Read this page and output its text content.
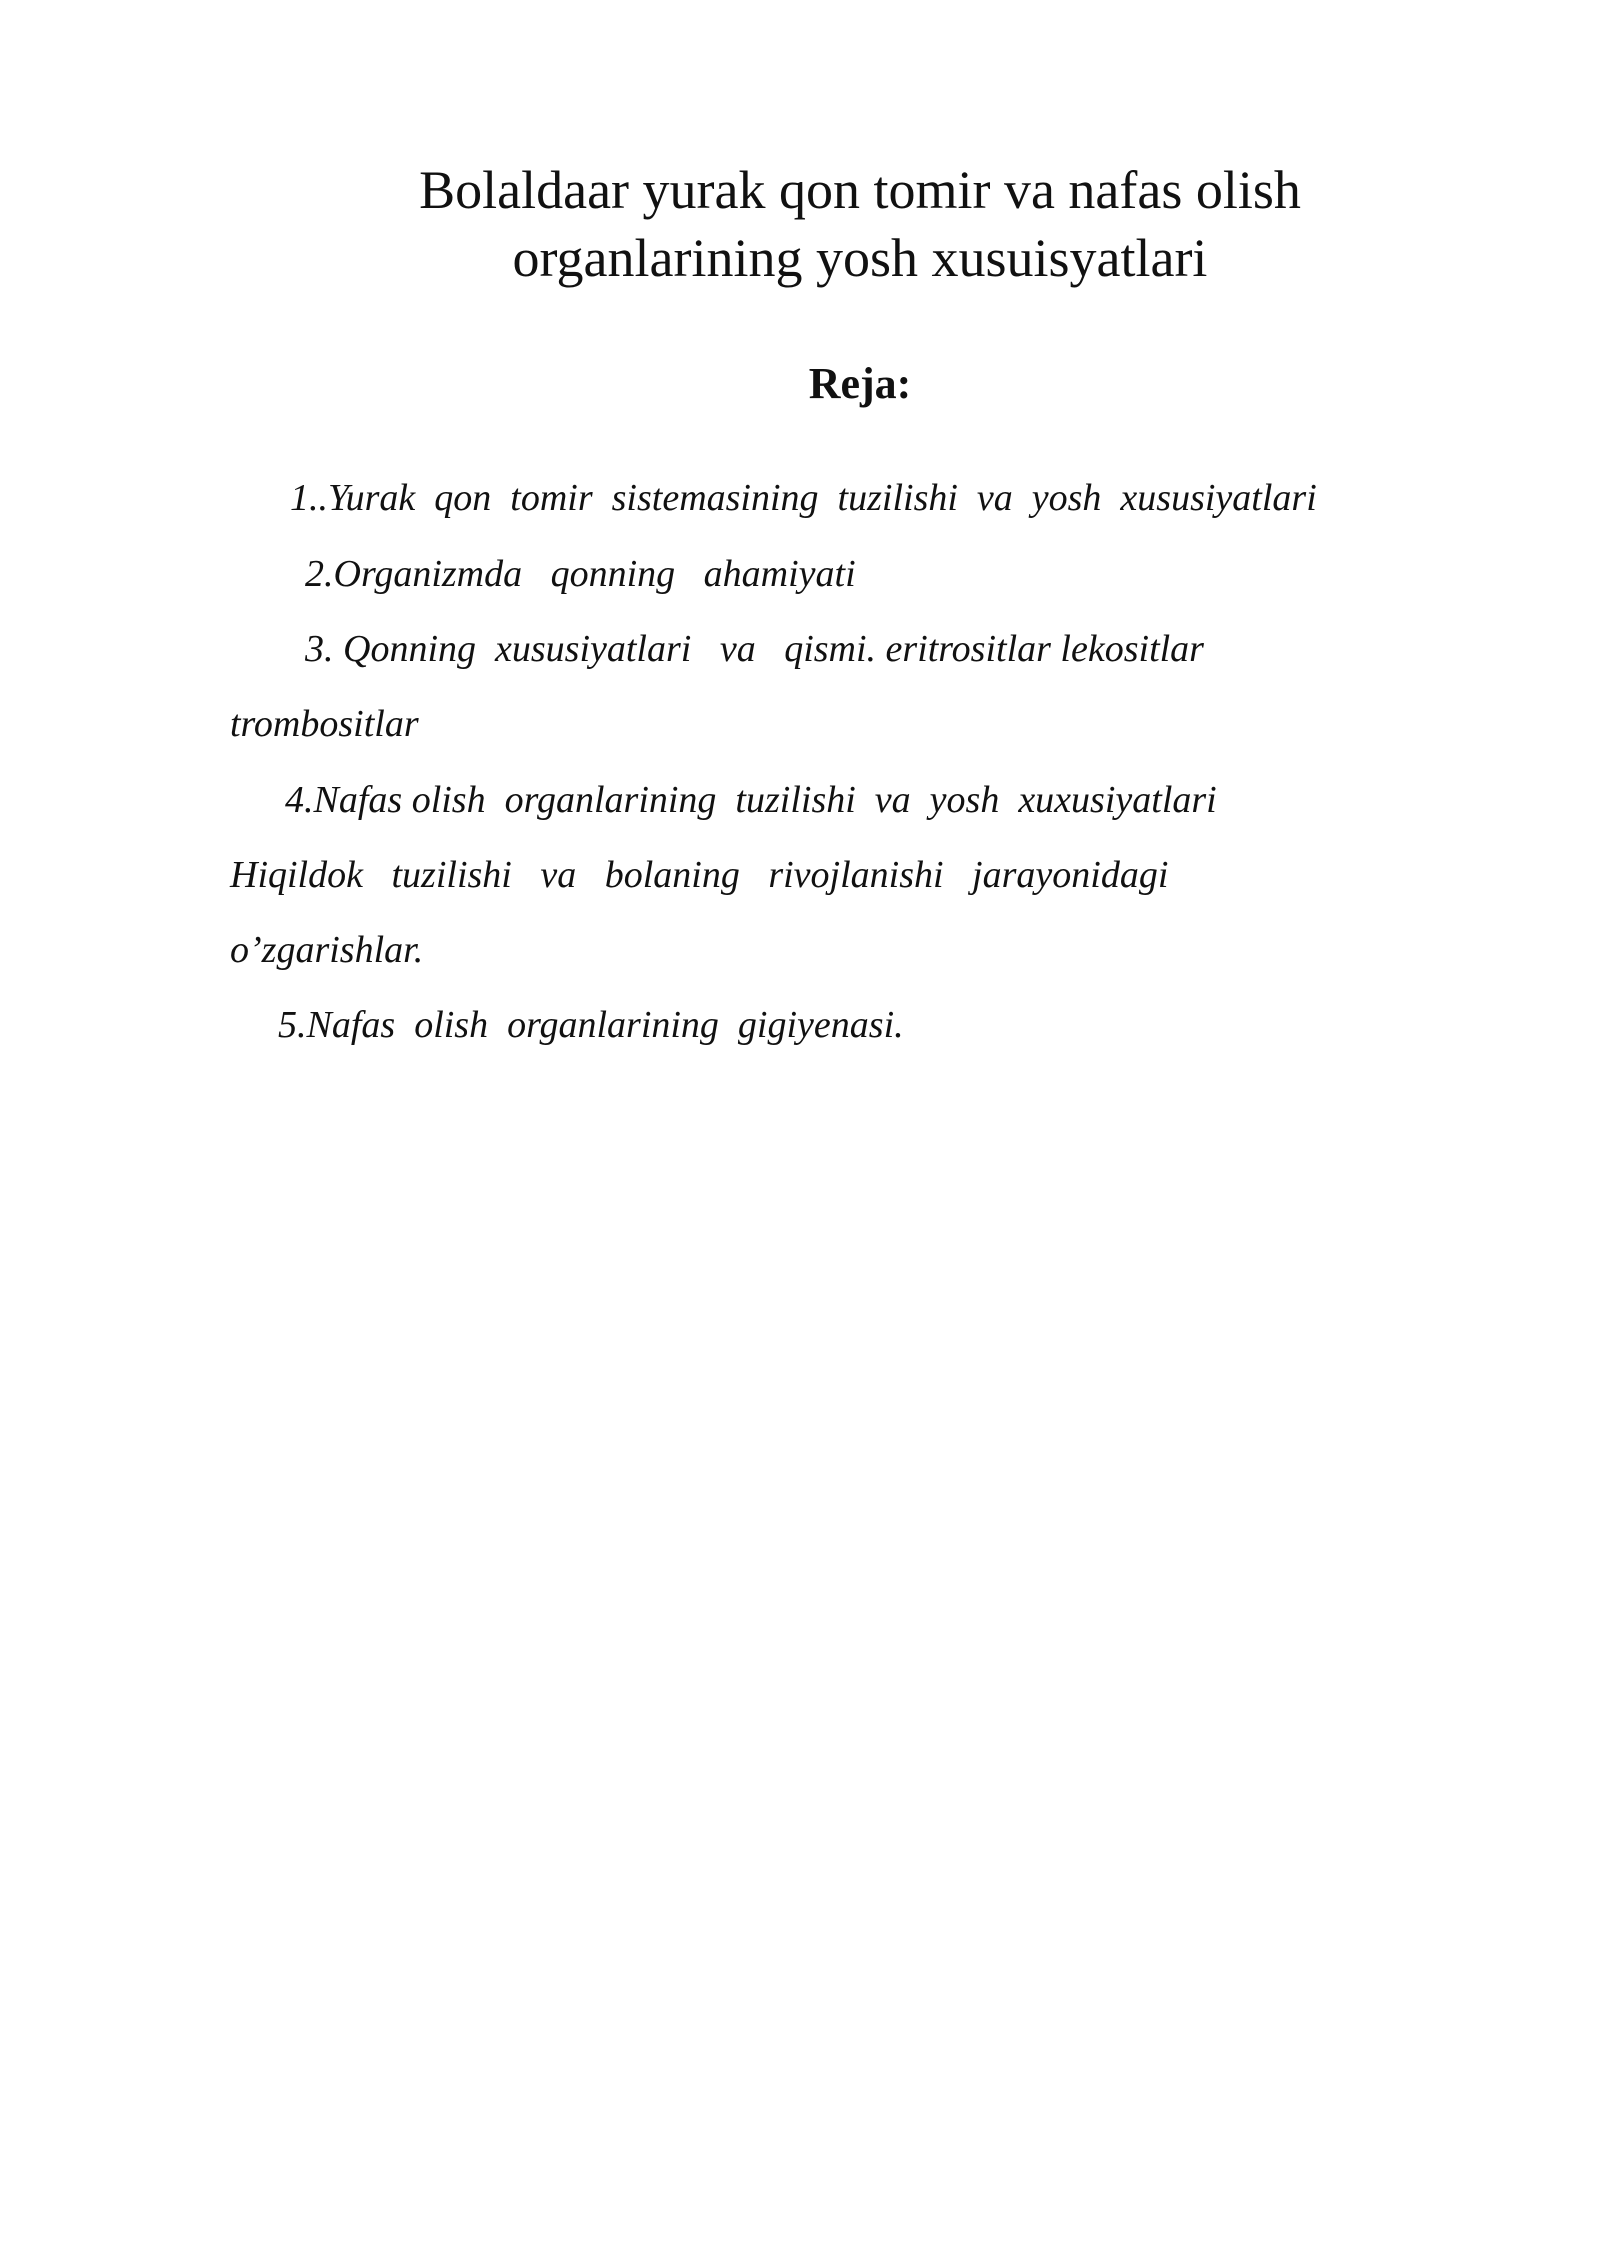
Bolaldaar yurak qon tomir va nafas olish
organlarining yosh xusuisyatlari
Reja:
1..Yurak  qon  tomir  sistemasining  tuzilishi  va  yosh  xususiyatlari
2.Organizmda   qonning   ahamiyati
3. Qonning  xususiyatlari   va   qismi. eritrositlar lekositlar
trombositlar
4.Nafas olish  organlarining  tuzilishi  va  yosh  xuxusiyatlari
Hiqildok   tuzilishi   va   bolaning   rivojlanishi   jarayonidagi
o’zgarishlar.
5.Nafas  olish  organlarining  gigiyenasi.
